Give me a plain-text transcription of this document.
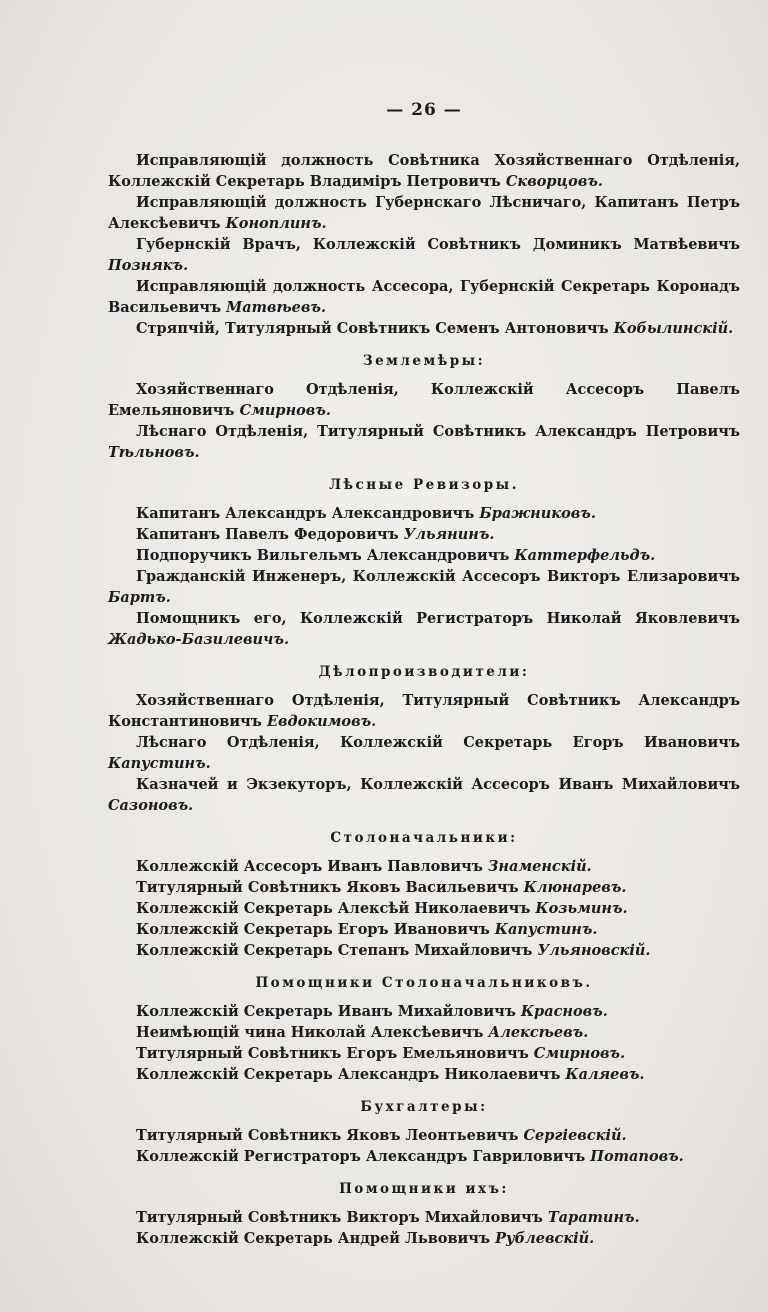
— 26 —

Исправляющій должность Совѣтника Хозяйственнаго Отдѣленія, Коллежскій Секретарь Владиміръ Петровичъ Скворцовъ.

Исправляющій должность Губернскаго Лѣсничаго, Капитанъ Петръ Алексѣевичъ Коноплинъ.

Губернскій Врачъ, Коллежскій Совѣтникъ Доминикъ Матвѣевичъ Познякъ.

Исправляющій должность Ассесора, Губернскій Секретарь Коронадъ Васильевичъ Матвѣевъ.

Стряпчій, Титулярный Совѣтникъ Семенъ Антоновичъ Кобылинскій.

Землемѣры:

Хозяйственнаго Отдѣленія, Коллежскій Ассесоръ Павелъ Емельяновичъ Смирновъ.

Лѣснаго Отдѣленія, Титулярный Совѣтникъ Александръ Петровичъ Тѣльновъ.

Лѣсные Ревизоры.

Капитанъ Александръ Александровичъ Бражниковъ.

Капитанъ Павелъ Федоровичъ Ульянинъ.

Подпоручикъ Вильгельмъ Александровичъ Каттерфельдъ.

Гражданскій Инженеръ, Коллежскій Ассесоръ Викторъ Елизаровичъ Бартъ.

Помощникъ его, Коллежскій Регистраторъ Николай Яковлевичъ Жадько-Базилевичъ.

Дѣлопроизводители:

Хозяйственнаго Отдѣленія, Титулярный Совѣтникъ Александръ Константиновичъ Евдокимовъ.

Лѣснаго Отдѣленія, Коллежскій Секретарь Егоръ Ивановичъ Капустинъ.

Казначей и Экзекуторъ, Коллежскій Ассесоръ Иванъ Михайловичъ Сазоновъ.

Столоначальники:

Коллежскій Ассесоръ Иванъ Павловичъ Знаменскій.

Титулярный Совѣтникъ Яковъ Васильевичъ Клюнаревъ.

Коллежскій Секретарь Алексѣй Николаевичъ Козьминъ.

Коллежскій Секретарь Егоръ Ивановичъ Капустинъ.

Коллежскій Секретарь Степанъ Михайловичъ Ульяновскій.

Помощники Столоначальниковъ.

Коллежскій Секретарь Иванъ Михайловичъ Красновъ.

Неимѣющій чина Николай Алексѣевичъ Алексѣевъ.

Титулярный Совѣтникъ Егоръ Емельяновичъ Смирновъ.

Коллежскій Секретарь Александръ Николаевичъ Каляевъ.

Бухгалтеры:

Титулярный Совѣтникъ Яковъ Леонтьевичъ Сергіевскій.

Коллежскій Регистраторъ Александръ Гавриловичъ Потаповъ.

Помощники ихъ:

Титулярный Совѣтникъ Викторъ Михайловичъ Таратинъ.

Коллежскій Секретарь Андрей Львовичъ Рублевскій.
